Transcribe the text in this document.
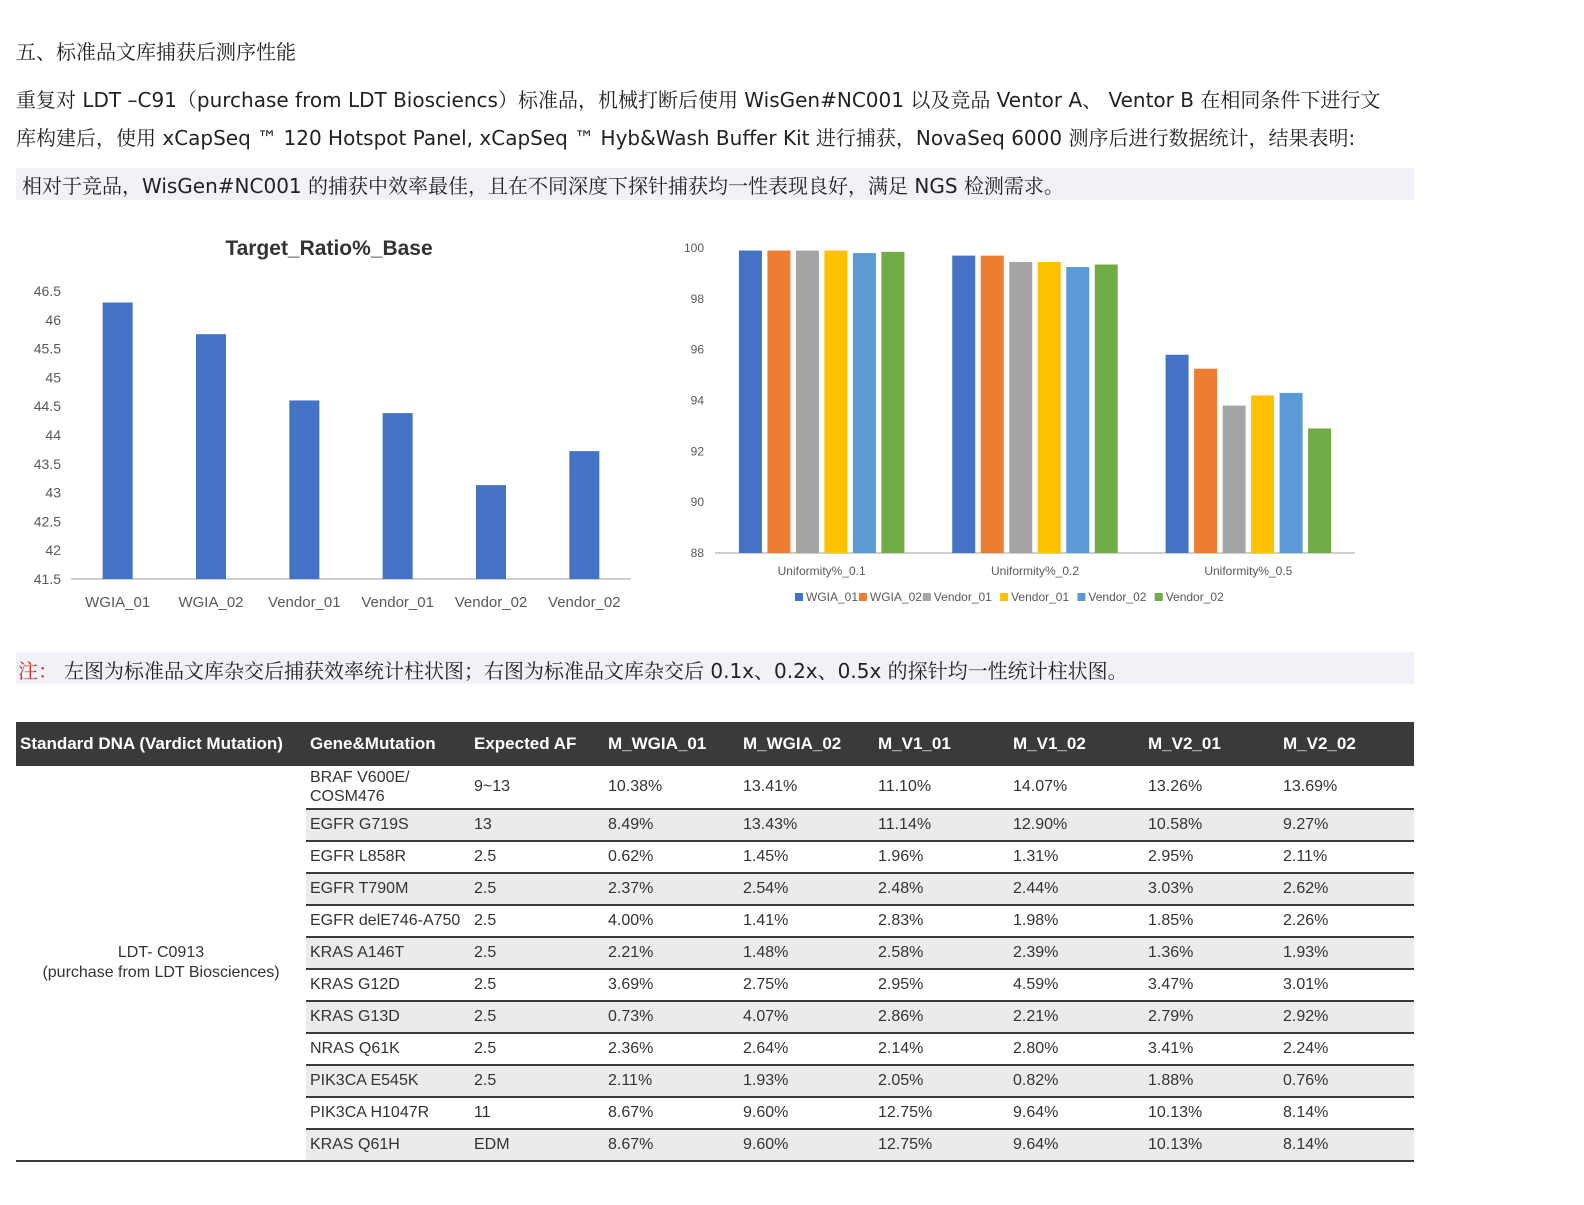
五、标准品文库捕获后测序性能
重复对 LDT –C91（purchase from LDT Biosciencs）标准品，机械打断后使用 WisGen#NC001 以及竞品 Ventor A、 Ventor B 在相同条件下进行文
库构建后，使用 xCapSeq ™ 120 Hotspot Panel, xCapSeq ™ Hyb&Wash Buffer Kit 进行捕获，NovaSeq 6000 测序后进行数据统计，结果表明:
相对于竞品，WisGen#NC001 的捕获中效率最佳，且在不同深度下探针捕获均一性表现良好，满足 NGS 检测需求。
Target_Ratio%_Base
41.5
42
42.5
43
43.5
44
44.5
45
45.5
46
46.5
WGIA_01 WGIA_02 Vendor_01 Vendor_01 Vendor_02 Vendor_02
88
90
92
94
96
98
100
Uniformity%_0.1	Uniformity%_0.2	Uniformity%_0.5
WGIA_01 WGIA_02 Vendor_01 Vendor_01 Vendor_02 Vendor_02
注： 左图为标准品文库杂交后捕获效率统计柱状图；右图为标准品文库杂交后 0.1x、0.2x、0.5x 的探针均一性统计柱状图。
Standard DNA (Vardict Mutation)	Gene&Mutation	Expected AF	M_WGIA_01	M_WGIA_02	M_V1_01	M_V1_02	M_V2_01	M_V2_02

LDT- C0913
(purchase from LDT Biosciences)	BRAF V600E/ COSM476	9~13	10.38%	13.41%	11.10%	14.07%	13.26%	13.69%
	EGFR G719S	13	8.49%	13.43%	11.14%	12.90%	10.58%	9.27%
	EGFR L858R	2.5	0.62%	1.45%	1.96%	1.31%	2.95%	2.11%
	EGFR T790M	2.5	2.37%	2.54%	2.48%	2.44%	3.03%	2.62%
	EGFR delE746-A750	2.5	4.00%	1.41%	2.83%	1.98%	1.85%	2.26%
	KRAS A146T	2.5	2.21%	1.48%	2.58%	2.39%	1.36%	1.93%
	KRAS G12D	2.5	3.69%	2.75%	2.95%	4.59%	3.47%	3.01%
	KRAS G13D	2.5	0.73%	4.07%	2.86%	2.21%	2.79%	2.92%
	NRAS Q61K	2.5	2.36%	2.64%	2.14%	2.80%	3.41%	2.24%
	PIK3CA E545K	2.5	2.11%	1.93%	2.05%	0.82%	1.88%	0.76%
	PIK3CA H1047R	11	8.67%	9.60%	12.75%	9.64%	10.13%	8.14%
	KRAS Q61H	EDM	8.67%	9.60%	12.75%	9.64%	10.13%	8.14%
